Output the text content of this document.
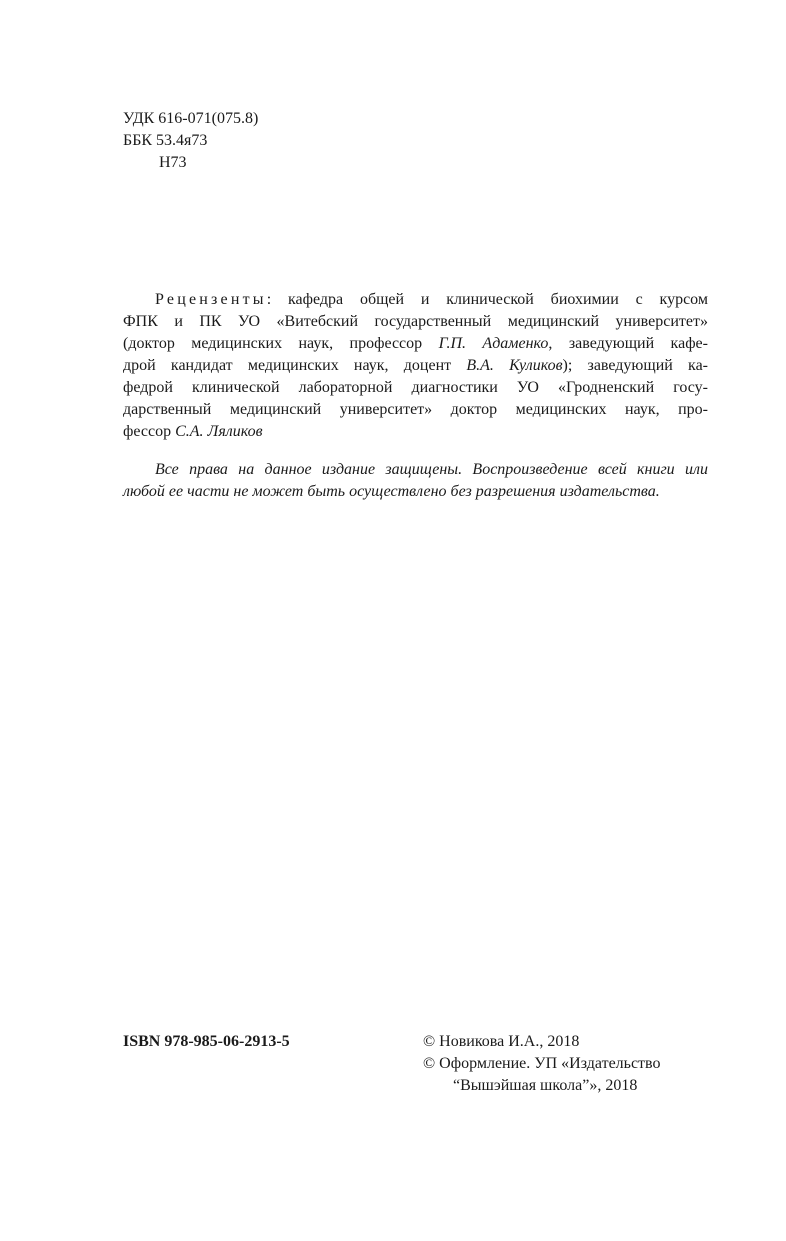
УДК 616-071(075.8)
ББК 53.4я73
Н73
Рецензенты: кафедра общей и клинической биохимии с курсом
ФПК и ПК УО «Витебский государственный медицинский университет»
(доктор медицинских наук, профессор Г.П. Адаменко, заведующий кафе-
дрой кандидат медицинских наук, доцент В.А. Куликов); заведующий ка-
федрой клинической лабораторной диагностики УО «Гродненский госу-
дарственный медицинский университет» доктор медицинских наук, про-
фессор С.А. Ляликов
Все права на данное издание защищены. Воспроизведение всей книги или
любой ее части не может быть осуществлено без разрешения издательства.
ISBN 978-985-06-2913-5	© Новикова И.А., 2018
© Оформление. УП «Издательство
“Вышэйшая школа”», 2018
